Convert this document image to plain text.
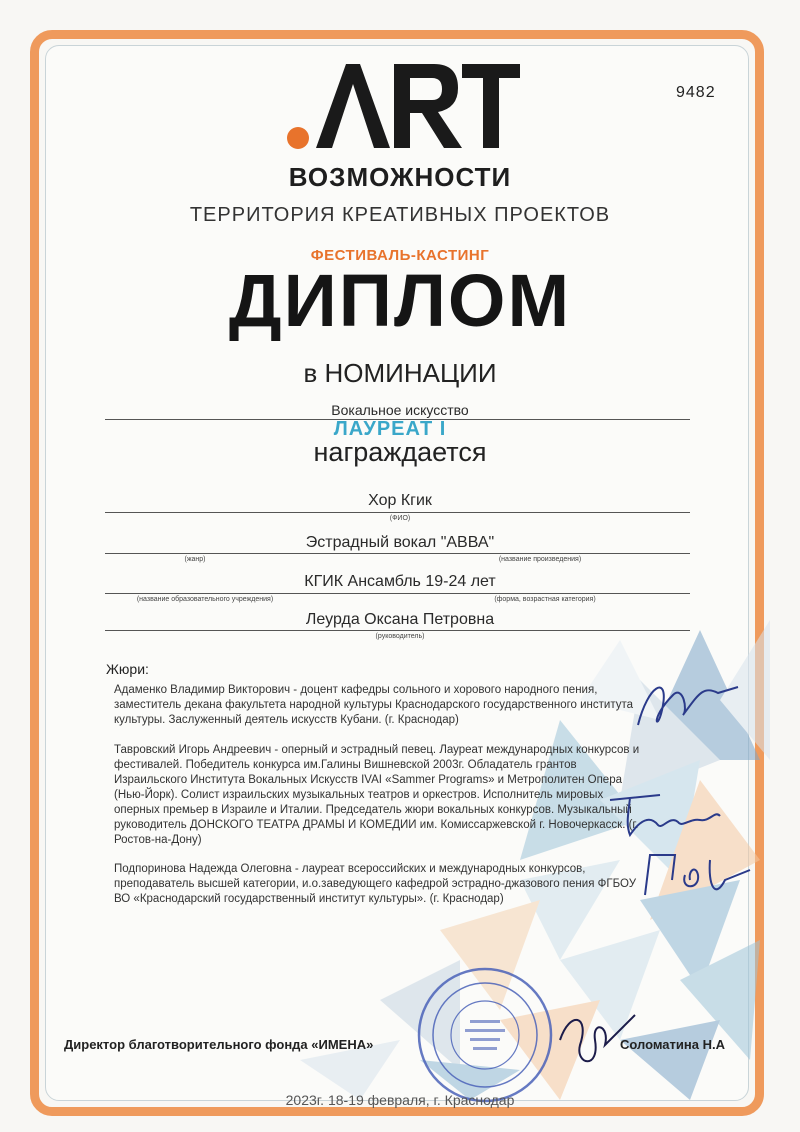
9482
ВОЗМОЖНОСТИ
ТЕРРИТОРИЯ КРЕАТИВНЫХ ПРОЕКТОВ
ФЕСТИВАЛЬ-КАСТИНГ
ДИПЛОМ
в НОМИНАЦИИ
Вокальное искусство
ЛАУРЕАТ I
награждается
Хор Кгик
(ФИО)
Эстрадный вокал "АВВА"
(жанр)	(название произведения)
КГИК Ансамбль 19-24 лет
(название образовательного учреждения)	(форма, возрастная категория)
Леурда Оксана Петровна
(руководитель)
Жюри:
Адаменко Владимир Викторович - доцент кафедры сольного и хорового народного пения, заместитель декана факультета народной культуры Краснодарского государственного института культуры. Заслуженный деятель искусств Кубани. (г. Краснодар)
Тавровский Игорь Андреевич - оперный и эстрадный певец. Лауреат международных конкурсов и фестивалей. Победитель конкурса им.Галины Вишневской 2003г. Обладатель грантов Израильского Института Вокальных Искусств IVAI «Sammer Programs» и Метрополитен Опера (Нью-Йорк). Солист израильских музыкальных театров и оркестров. Исполнитель мировых оперных премьер в Израиле и Италии. Председатель жюри вокальных конкурсов. Музыкальный руководитель ДОНСКОГО ТЕАТРА ДРАМЫ И КОМЕДИИ им. Комиссаржевской г. Новочеркасск. (г. Ростов-на-Дону)
Подпоринова Надежда Олеговна - лауреат всероссийских и международных конкурсов, преподаватель высшей категории, и.о.заведующего кафедрой эстрадно-джазового пения ФГБОУ ВО «Краснодарский государственный институт культуры». (г. Краснодар)
Директор благотворительного фонда «ИМЕНА»	Соломатина Н.А
2023г. 18-19 февраля, г. Краснодар
